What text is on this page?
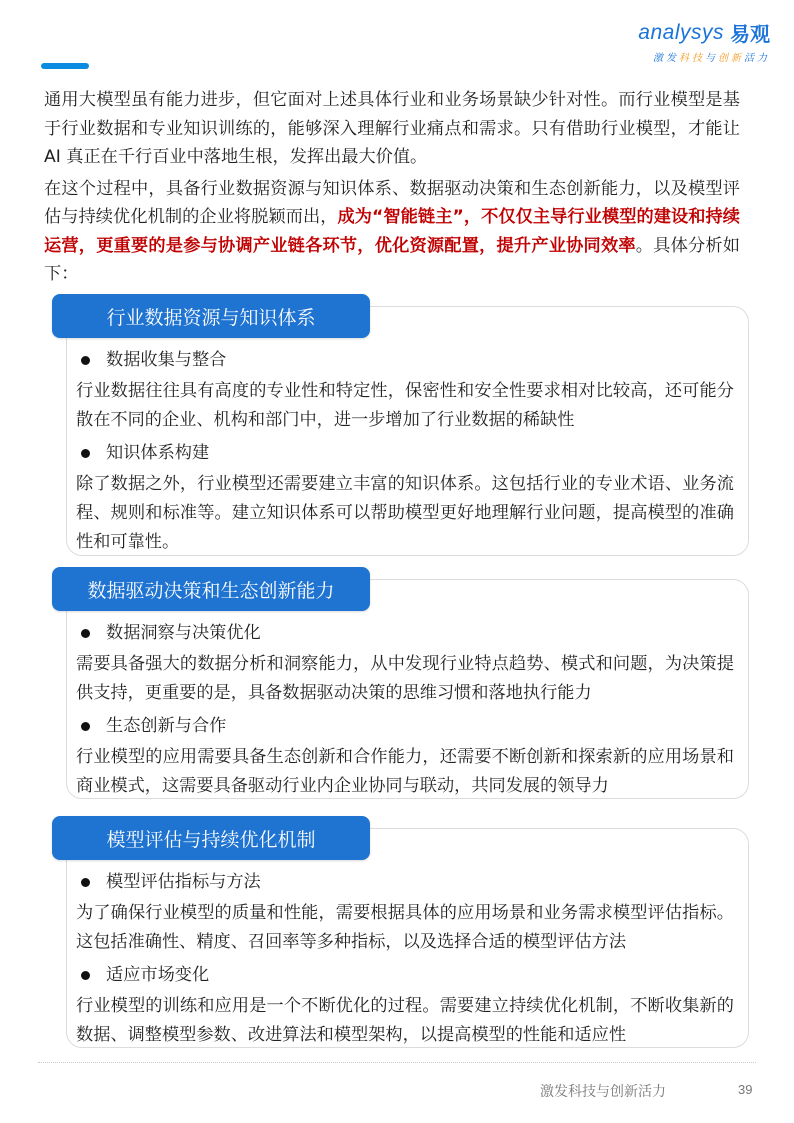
analysys 易观
激发科技与创新活力

通用大模型虽有能力进步，但它面对上述具体行业和业务场景缺少针对性。而行业模型是基于行业数据和专业知识训练的，能够深入理解行业痛点和需求。只有借助行业模型，才能让 AI 真正在千行百业中落地生根，发挥出最大价值。

在这个过程中，具备行业数据资源与知识体系、数据驱动决策和生态创新能力，以及模型评估与持续优化机制的企业将脱颖而出，成为“智能链主”，不仅仅主导行业模型的建设和持续运营，更重要的是参与协调产业链各环节，优化资源配置，提升产业协同效率。具体分析如下：

行业数据资源与知识体系
数据收集与整合
行业数据往往具有高度的专业性和特定性，保密性和安全性要求相对比较高，还可能分散在不同的企业、机构和部门中，进一步增加了行业数据的稀缺性
知识体系构建
除了数据之外，行业模型还需要建立丰富的知识体系。这包括行业的专业术语、业务流程、规则和标准等。建立知识体系可以帮助模型更好地理解行业问题，提高模型的准确性和可靠性。
数据驱动决策和生态创新能力
数据洞察与决策优化
需要具备强大的数据分析和洞察能力，从中发现行业特点趋势、模式和问题，为决策提供支持，更重要的是，具备数据驱动决策的思维习惯和落地执行能力
生态创新与合作
行业模型的应用需要具备生态创新和合作能力，还需要不断创新和探索新的应用场景和商业模式，这需要具备驱动行业内企业协同与联动，共同发展的领导力
模型评估与持续优化机制
模型评估指标与方法
为了确保行业模型的质量和性能，需要根据具体的应用场景和业务需求模型评估指标。这包括准确性、精度、召回率等多种指标，以及选择合适的模型评估方法
适应市场变化
行业模型的训练和应用是一个不断优化的过程。需要建立持续优化机制，不断收集新的数据、调整模型参数、改进算法和模型架构，以提高模型的性能和适应性
激发科技与创新活力	39
